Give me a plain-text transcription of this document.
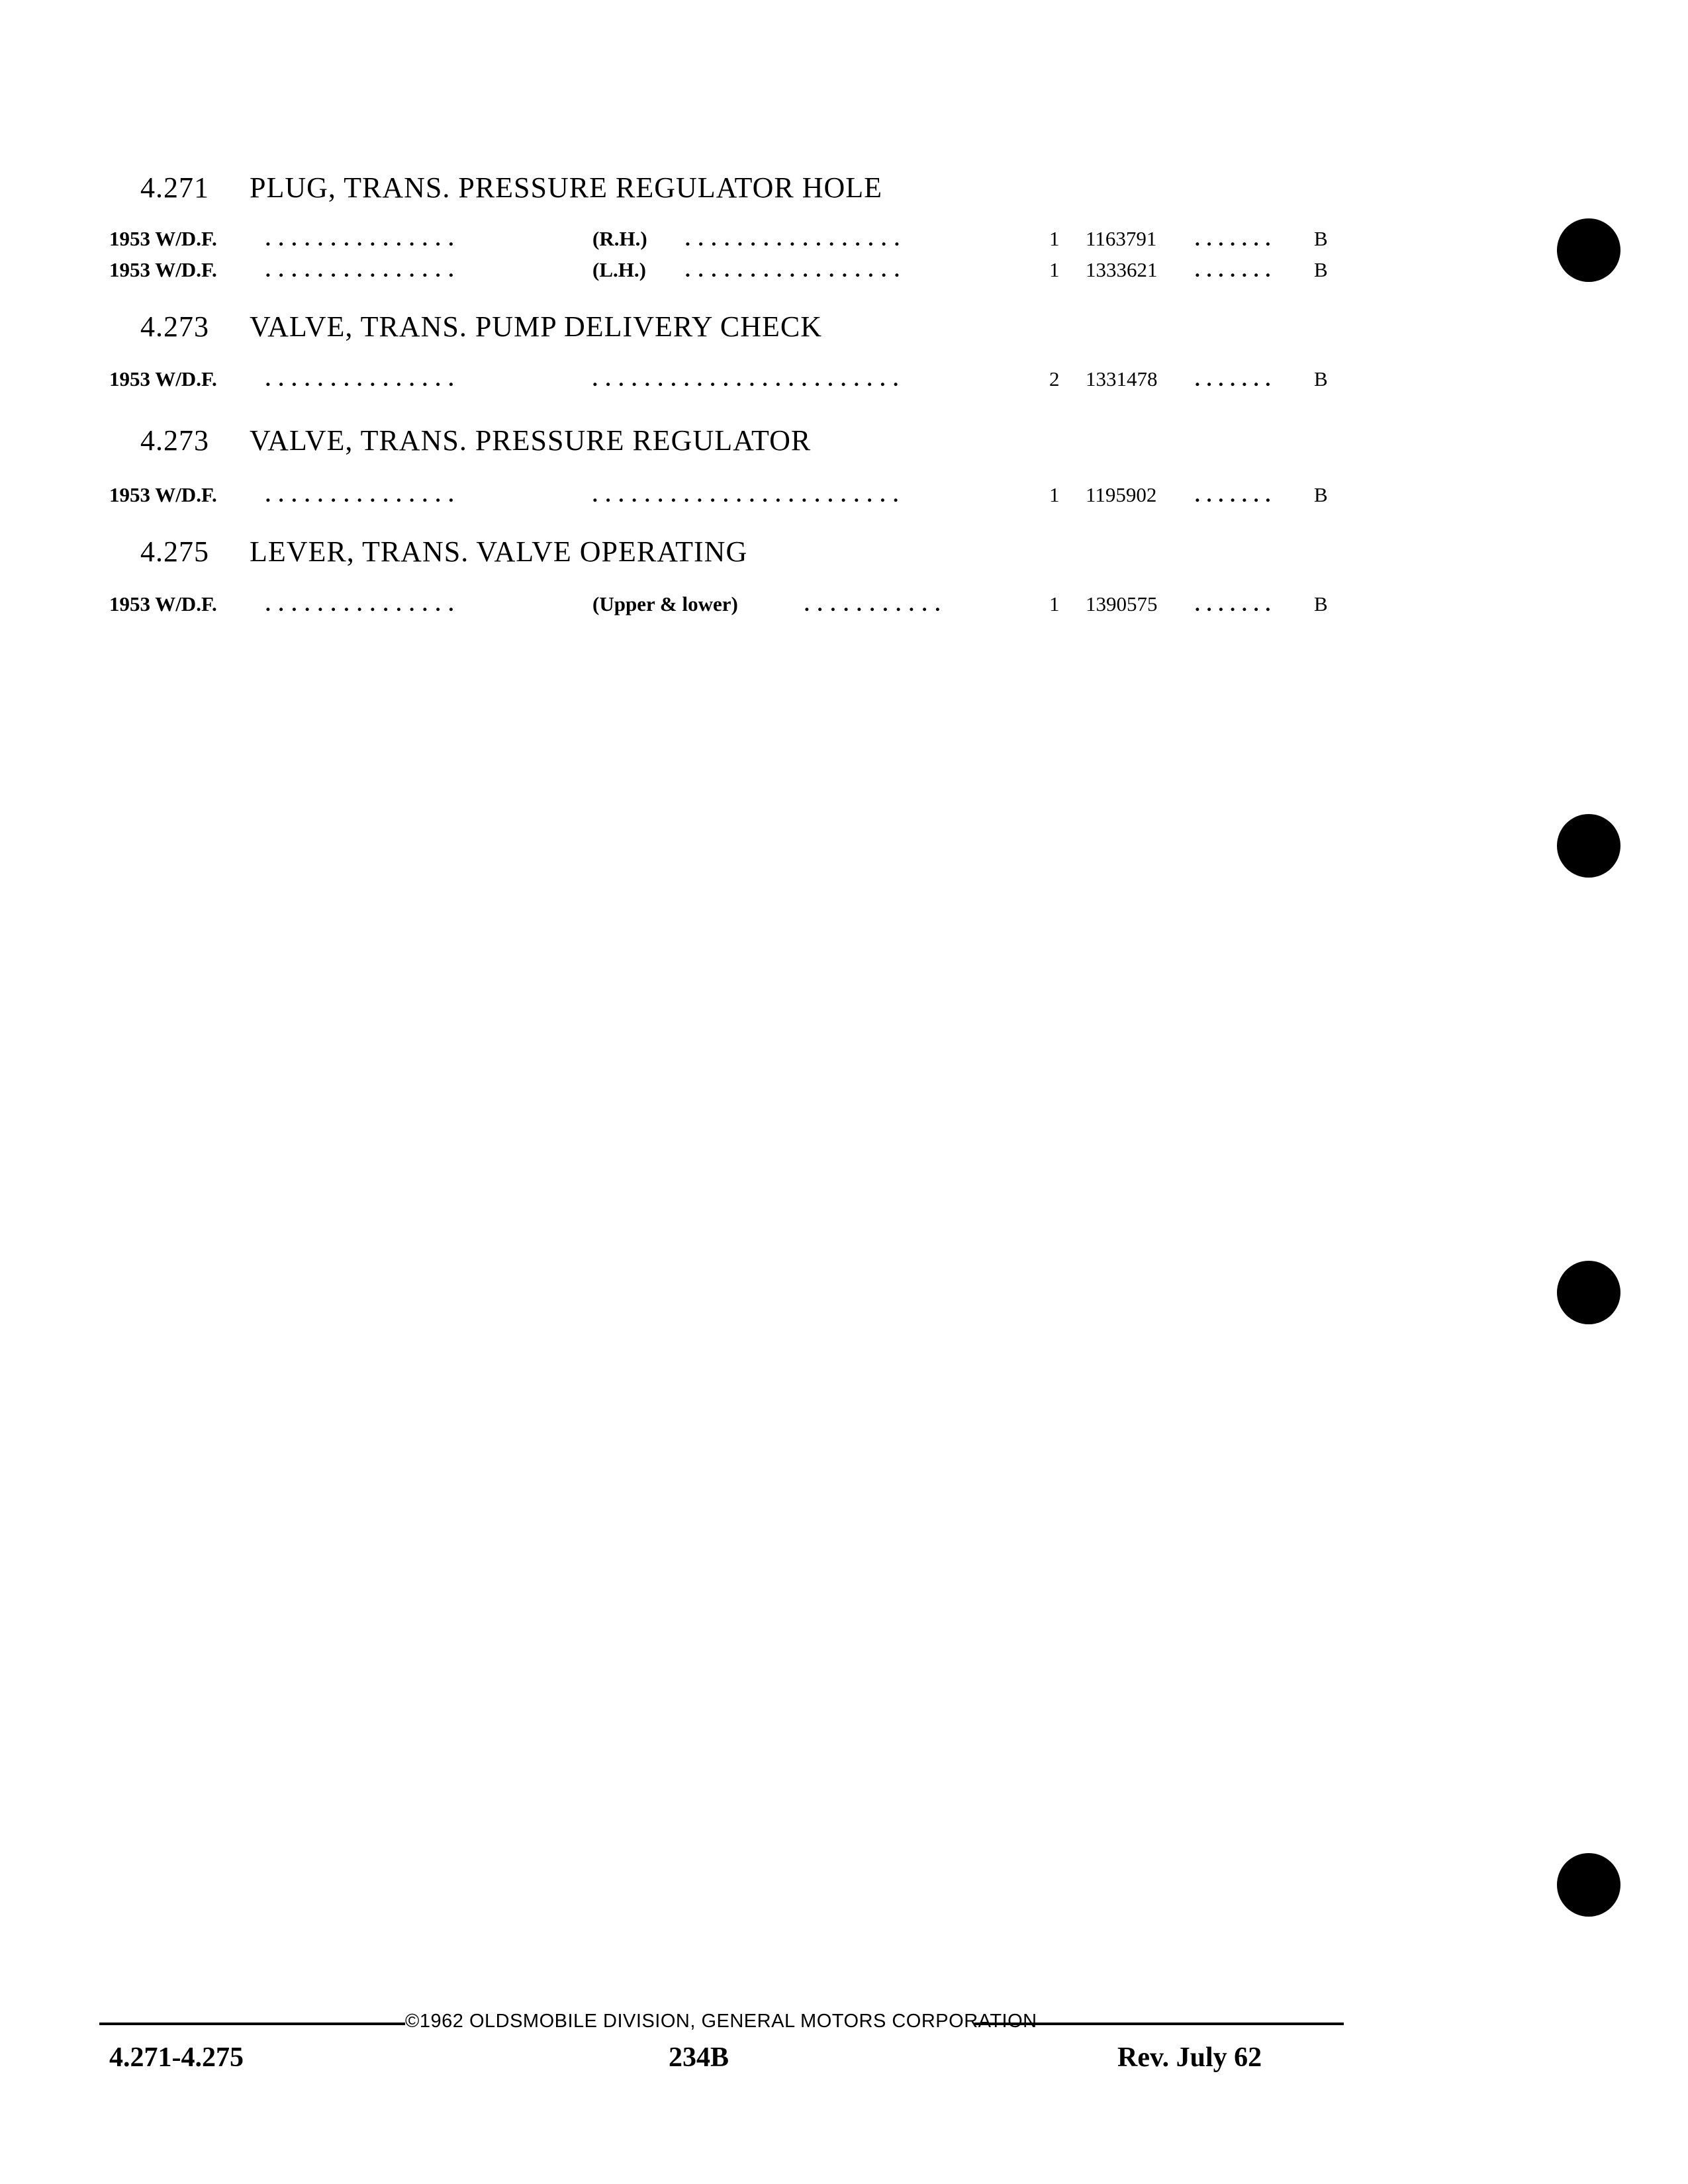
4.271 PLUG, TRANS. PRESSURE REGULATOR HOLE
1953 W/D.F. ...............	(R.H.) .................	1 1163791 ....... B
1953 W/D.F. ...............	(L.H.) .................	1 1333621 ....... B
4.273 VALVE, TRANS. PUMP DELIVERY CHECK
1953 W/D.F. ...............	........................	2 1331478 ....... B
4.273 VALVE, TRANS. PRESSURE REGULATOR
1953 W/D.F. ...............	........................	1 1195902 ....... B
4.275 LEVER, TRANS. VALVE OPERATING
1953 W/D.F. ...............	(Upper & lower)	...........	1 1390575 ....... B
©1962 OLDSMOBILE DIVISION, GENERAL MOTORS CORPORATION
4.271-4.275	234B	Rev. July 62
